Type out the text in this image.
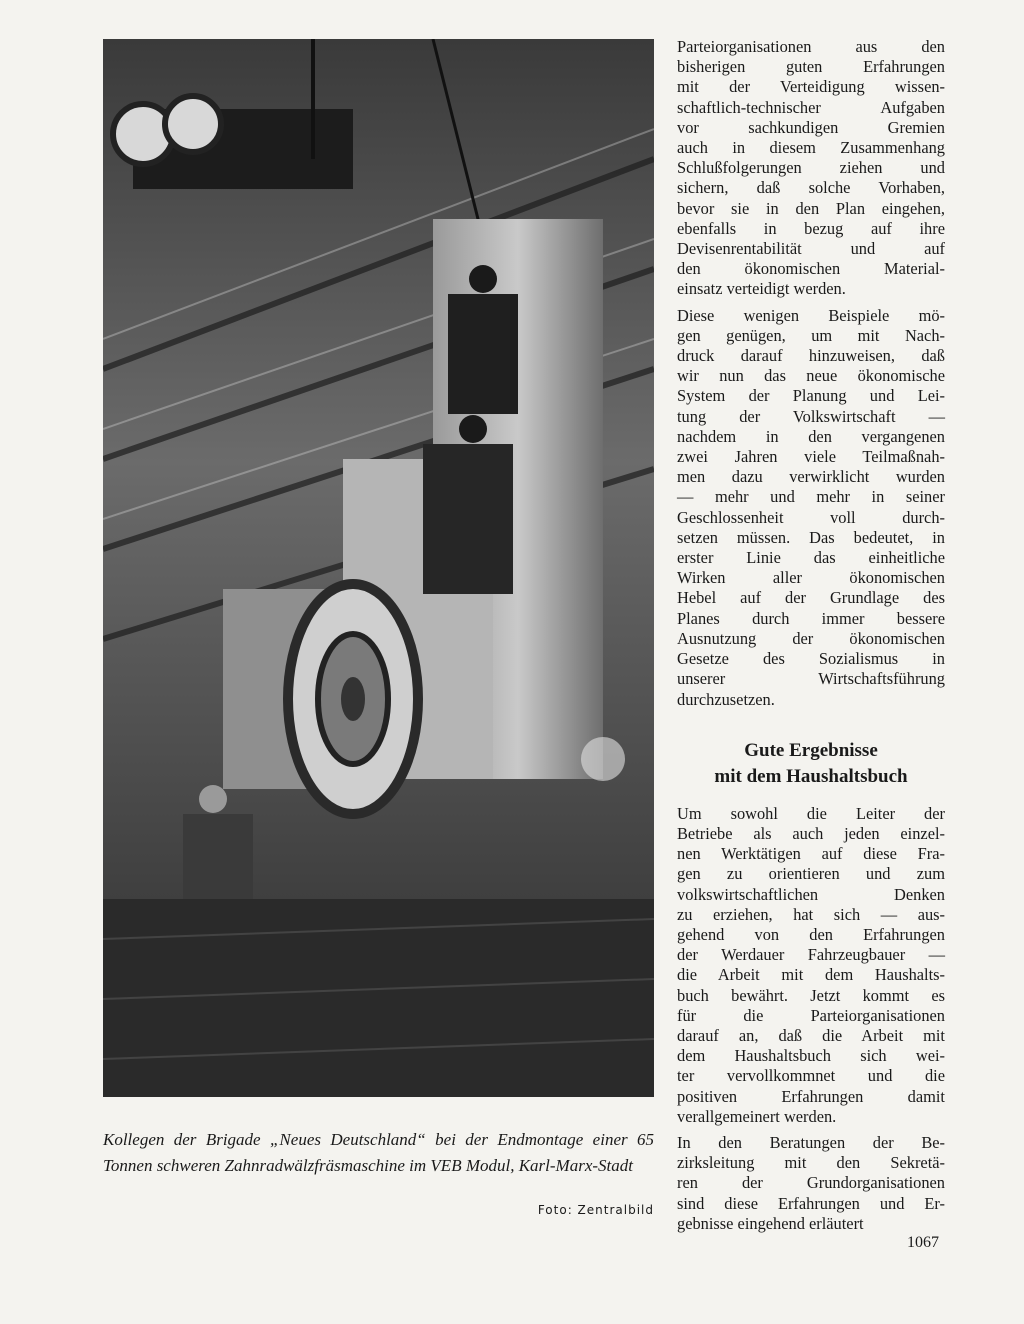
Kollegen der Brigade „Neues Deutschland“ bei der Endmontage einer 65 Tonnen schweren Zahnradwälzfräsmaschine im VEB Modul, Karl-Marx-Stadt
Foto: Zentralbild

Parteiorganisationen aus den
bisherigen guten Erfahrungen
mit der Verteidigung wissen-
schaftlich-technischer Aufgaben
vor sachkundigen Gremien
auch in diesem Zusammenhang
Schlußfolgerungen ziehen und
sichern, daß solche Vorhaben,
bevor sie in den Plan eingehen,
ebenfalls in bezug auf ihre
Devisenrentabilität und auf
den ökonomischen Material-
einsatz verteidigt werden.

Diese wenigen Beispiele mö-
gen genügen, um mit Nach-
druck darauf hinzuweisen, daß
wir nun das neue ökonomische
System der Planung und Lei-
tung der Volkswirtschaft —
nachdem in den vergangenen
zwei Jahren viele Teilmaßnah-
men dazu verwirklicht wurden
— mehr und mehr in seiner
Geschlossenheit voll durch-
setzen müssen. Das bedeutet, in
erster Linie das einheitliche
Wirken aller ökonomischen
Hebel auf der Grundlage des
Planes durch immer bessere
Ausnutzung der ökonomischen
Gesetze des Sozialismus in
unserer Wirtschaftsführung
durchzusetzen.

Gute Ergebnisse
mit dem Haushaltsbuch

Um sowohl die Leiter der
Betriebe als auch jeden einzel-
nen Werktätigen auf diese Fra-
gen zu orientieren und zum
volkswirtschaftlichen Denken
zu erziehen, hat sich — aus-
gehend von den Erfahrungen
der Werdauer Fahrzeugbauer —
die Arbeit mit dem Haushalts-
buch bewährt. Jetzt kommt es
für die Parteiorganisationen
darauf an, daß die Arbeit mit
dem Haushaltsbuch sich wei-
ter vervollkommnet und die
positiven Erfahrungen damit
verallgemeinert werden.

In den Beratungen der Be-
zirksleitung mit den Sekretä-
ren der Grundorganisationen
sind diese Erfahrungen und Er-
gebnisse eingehend erläutert

1067
